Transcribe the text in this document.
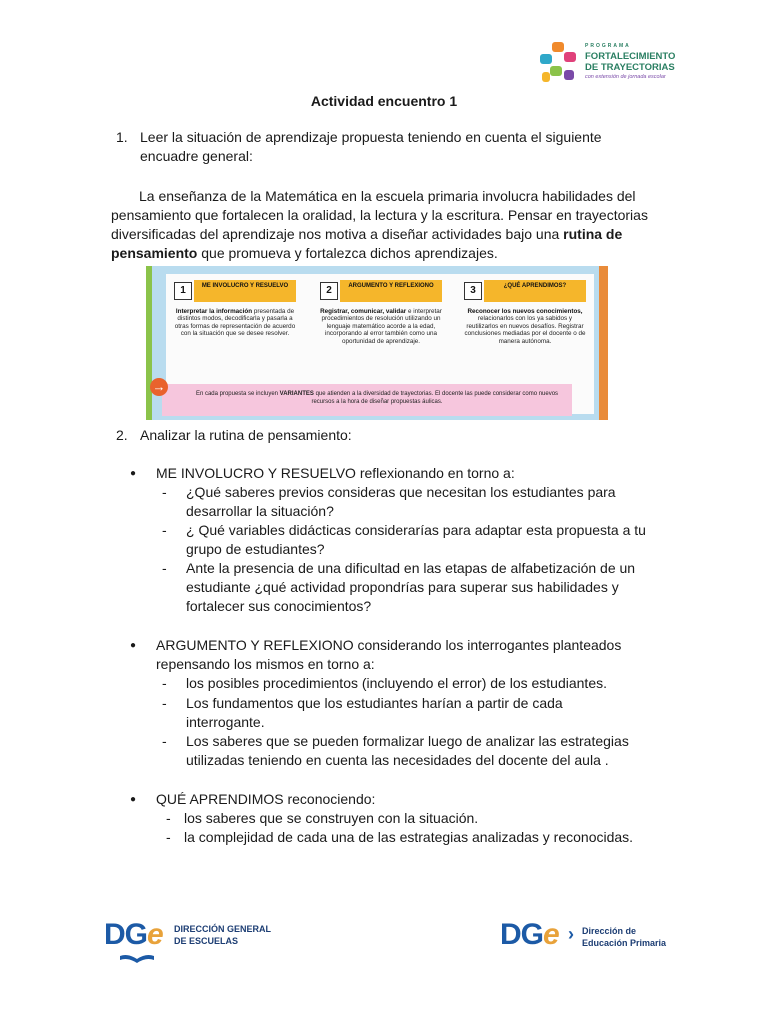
PROGRAMA
FORTALECIMIENTO
DE TRAYECTORIAS
con extensión de jornada escolar
Actividad encuentro 1
1. Leer la situación de aprendizaje propuesta teniendo en cuenta el siguiente encuadre general:
La enseñanza de la Matemática en la escuela primaria involucra habilidades del pensamiento que fortalecen la oralidad, la lectura y la escritura. Pensar en trayectorias diversificadas del aprendizaje nos motiva a diseñar actividades bajo una rutina de pensamiento que promueva y fortalezca dichos aprendizajes.
1	ME INVOLUCRO Y RESUELVO
Interpretar la información presentada de distintos modos, decodificarla y pasarla a otras formas de representación de acuerdo con la situación que se desee resolver.
2	ARGUMENTO Y REFLEXIONO
Registrar, comunicar, validar e interpretar procedimientos de resolución utilizando un lenguaje matemático acorde a la edad, incorporando al error también como una oportunidad de aprendizaje.
3	¿QUÉ APRENDIMOS?
Reconocer los nuevos conocimientos, relacionarlos con los ya sabidos y reutilizarlos en nuevos desafíos. Registrar conclusiones mediadas por el docente o de manera autónoma.
En cada propuesta se incluyen VARIANTES que atienden a la diversidad de trayectorias. El docente las puede considerar como nuevos recursos a la hora de diseñar propuestas áulicas.
→
2. Analizar la rutina de pensamiento:
● ME INVOLUCRO Y RESUELVO reflexionando en torno a:
- ¿Qué saberes previos consideras que necesitan los estudiantes para desarrollar la situación?
- ¿ Qué variables didácticas considerarías para adaptar esta propuesta a tu grupo de estudiantes?
- Ante la presencia de una dificultad en las etapas de alfabetización de un estudiante ¿qué actividad propondrías para superar sus habilidades y fortalecer sus conocimientos?
● ARGUMENTO Y REFLEXIONO considerando los interrogantes planteados repensando los mismos en torno a:
- los posibles procedimientos (incluyendo el error) de los estudiantes.
- Los fundamentos que los estudiantes harían a partir de cada interrogante.
- Los saberes que se pueden formalizar luego de analizar las estrategias utilizadas teniendo en cuenta las necesidades del docente del aula .
● QUÉ APRENDIMOS reconociendo:
- los saberes que se construyen con la situación.
- la complejidad de cada una de las estrategias analizadas y reconocidas.
DGe DIRECCIÓN GENERAL
DE ESCUELAS	DGe › Dirección de
Educación Primaria
